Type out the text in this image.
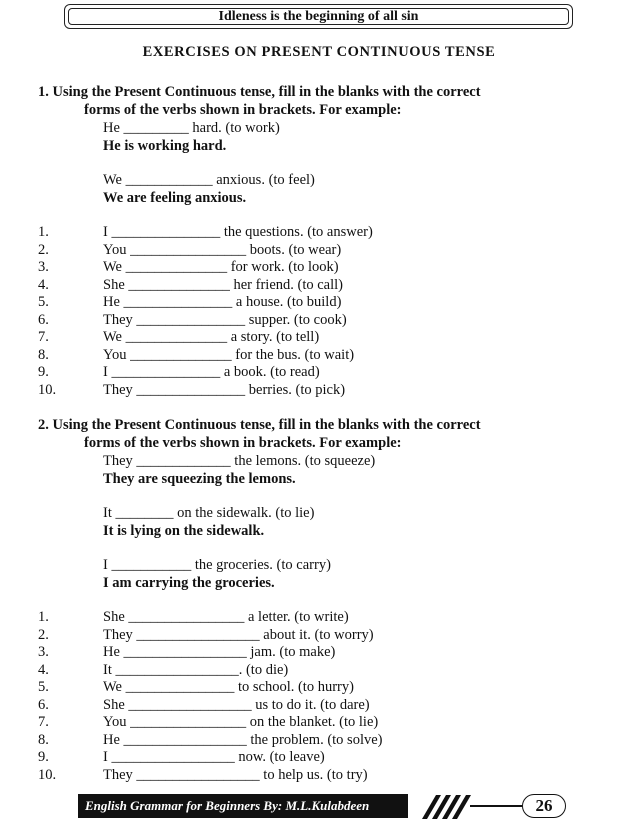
Idleness is the beginning of all sin
EXERCISES ON PRESENT CONTINUOUS TENSE
1. Using the Present Continuous tense, fill in the blanks with the correct
forms of the verbs shown in brackets. For example:
He _________ hard. (to work)
He is working hard.
We ____________ anxious. (to feel)
We are feeling anxious.
1.	I _______________ the questions. (to answer)
2.	You ________________ boots. (to wear)
3.	We ______________ for work. (to look)
4.	She ______________ her friend. (to call)
5.	He _______________ a house. (to build)
6.	They _______________ supper. (to cook)
7.	We ______________ a story. (to tell)
8.	You ______________ for the bus. (to wait)
9.	I _______________ a book. (to read)
10.	They _______________ berries. (to pick)
2. Using the Present Continuous tense, fill in the blanks with the correct
forms of the verbs shown in brackets. For example:
They _____________ the lemons. (to squeeze)
They are squeezing the lemons.
It ________ on the sidewalk. (to lie)
It is lying on the sidewalk.
I ___________ the groceries. (to carry)
I am carrying the groceries.
1.	She ________________ a letter. (to write)
2.	They _________________ about it. (to worry)
3.	He _________________ jam. (to make)
4.	It _________________. (to die)
5.	We _______________ to school. (to hurry)
6.	She _________________ us to do it. (to dare)
7.	You ________________ on the blanket. (to lie)
8.	He _________________ the problem. (to solve)
9.	I _________________ now. (to leave)
10.	They _________________ to help us. (to try)
English Grammar for Beginners By: M.L.Kulabdeen	26
